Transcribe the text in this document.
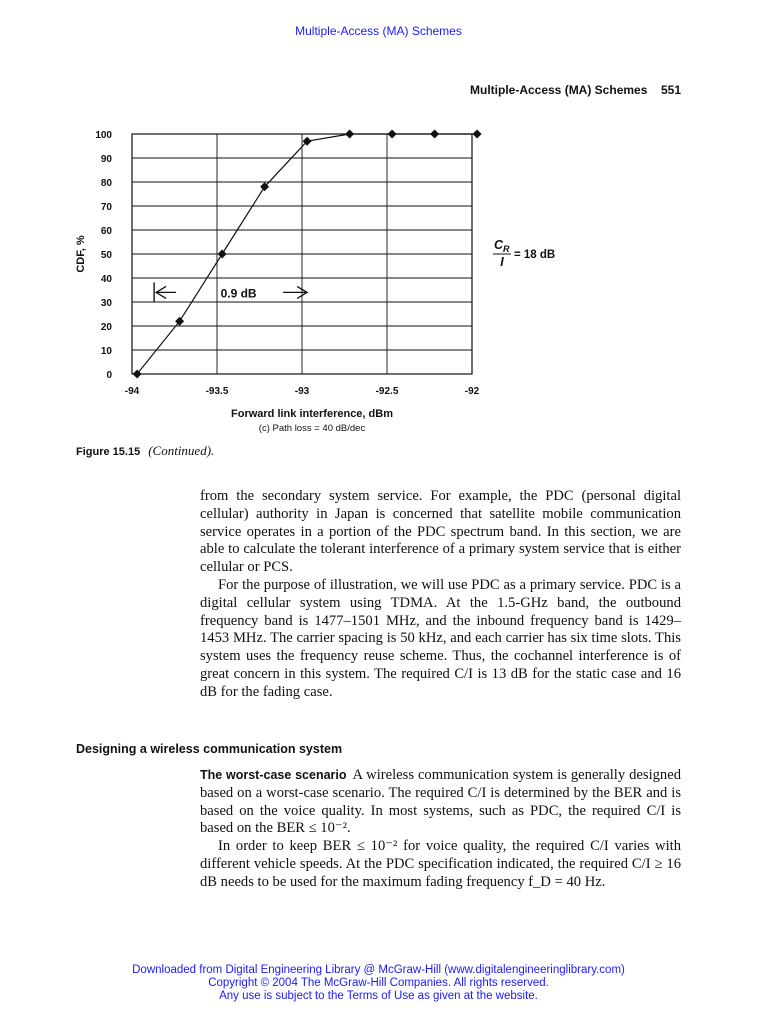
Multiple-Access (MA) Schemes
Multiple-Access (MA) Schemes 551
0
10
20
30
40
50
60
70
80
90
100
CDF, %
-94	-93.5	-93	-92.5	-92
Forward link interference, dBm
(c) Path loss = 40 dB/dec
0.9 dB
C R
I = 18 dB
Figure 15.15 (Continued).

from the secondary system service. For example, the PDC (personal digital cellular) authority in Japan is concerned that satellite mobile communication service operates in a portion of the PDC spectrum band. In this section, we are able to calculate the tolerant interference of a primary system service that is either cellular or PCS.

For the purpose of illustration, we will use PDC as a primary service. PDC is a digital cellular system using TDMA. At the 1.5-GHz band, the outbound frequency band is 1477–1501 MHz, and the inbound frequency band is 1429–1453 MHz. The carrier spacing is 50 kHz, and each carrier has six time slots. This system uses the frequency reuse scheme. Thus, the cochannel interference is of great concern in this system. The required C/I is 13 dB for the static case and 16 dB for the fading case.

Designing a wireless communication system

The worst-case scenario A wireless communication system is generally designed based on a worst-case scenario. The required C/I is determined by the BER and is based on the voice quality. In most systems, such as PDC, the required C/I is based on the BER ≤ 10⁻².

In order to keep BER ≤ 10⁻² for voice quality, the required C/I varies with different vehicle speeds. At the PDC specification indicated, the required C/I ≥ 16 dB needs to be used for the maximum fading frequency f_D = 40 Hz.

Downloaded from Digital Engineering Library @ McGraw-Hill (www.digitalengineeringlibrary.com)
Copyright © 2004 The McGraw-Hill Companies. All rights reserved.
Any use is subject to the Terms of Use as given at the website.
